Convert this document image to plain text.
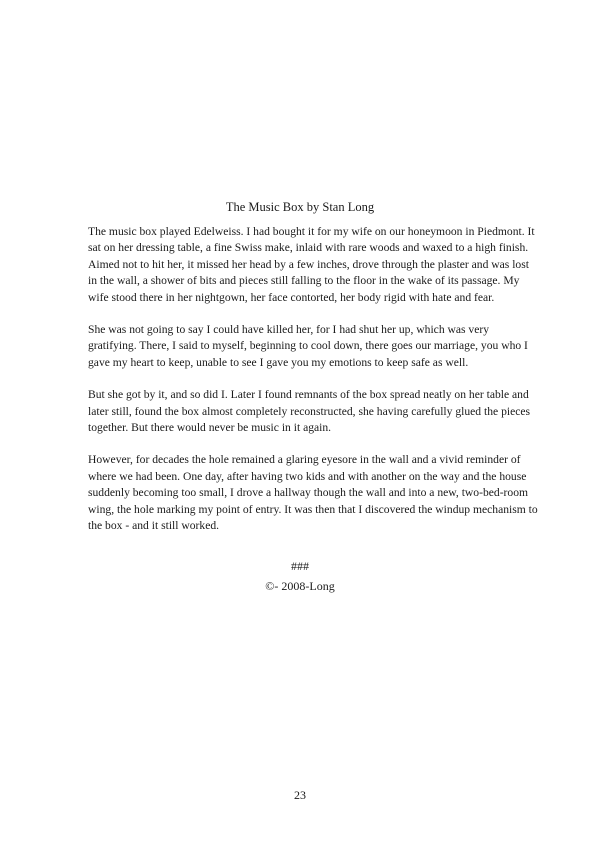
The Music Box by Stan Long

The music box played Edelweiss. I had bought it for my wife on our honeymoon in Piedmont. It
sat on her dressing table, a fine Swiss make, inlaid with rare woods and waxed to a high finish.
Aimed not to hit her, it missed her head by a few inches, drove through the plaster and was lost
in the wall, a shower of bits and pieces still falling to the floor in the wake of its passage. My
wife stood there in her nightgown, her face contorted, her body rigid with hate and fear.

She was not going to say I could have killed her, for I had shut her up, which was very
gratifying. There, I said to myself, beginning to cool down, there goes our marriage, you who I
gave my heart to keep, unable to see I gave you my emotions to keep safe as well.

But she got by it, and so did I. Later I found remnants of the box spread neatly on her table and
later still, found the box almost completely reconstructed, she having carefully glued the pieces
together. But there would never be music in it again.

However, for decades the hole remained a glaring eyesore in the wall and a vivid reminder of
where we had been. One day, after having two kids and with another on the way and the house
suddenly becoming too small, I drove a hallway though the wall and into a new, two-bed-room
wing, the hole marking my point of entry. It was then that I discovered the windup mechanism to
the box - and it still worked.

###
©- 2008-Long
23
